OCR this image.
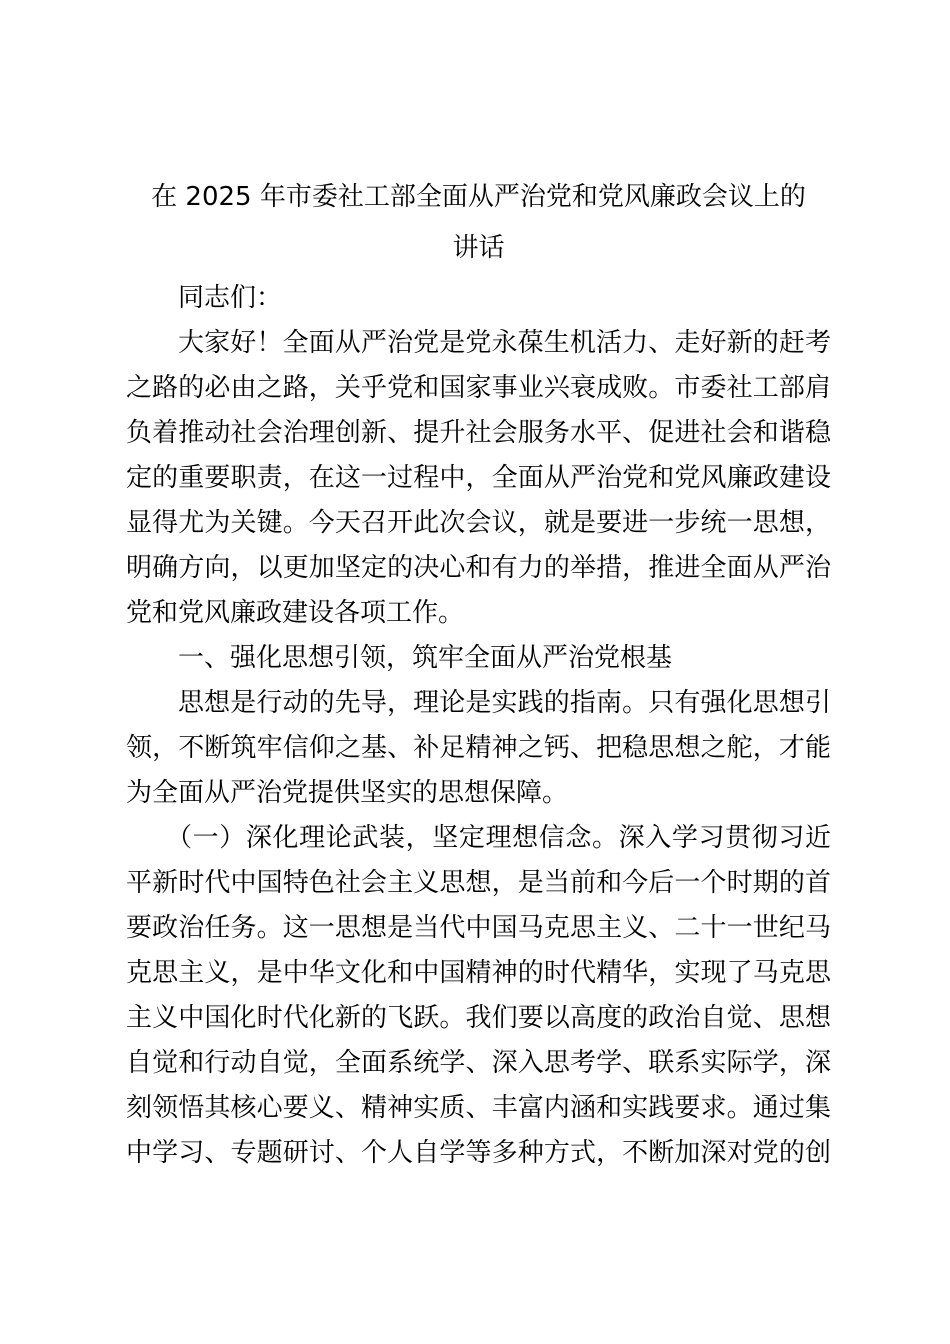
在 2025 年市委社工部全面从严治党和党风廉政会议上的
讲话
同志们：
大家好！全面从严治党是党永葆生机活力、走好新的赶考
之路的必由之路，关乎党和国家事业兴衰成败。市委社工部肩
负着推动社会治理创新、提升社会服务水平、促进社会和谐稳
定的重要职责，在这一过程中，全面从严治党和党风廉政建设
显得尤为关键。今天召开此次会议，就是要进一步统一思想，
明确方向，以更加坚定的决心和有力的举措，推进全面从严治
党和党风廉政建设各项工作。
一、强化思想引领，筑牢全面从严治党根基
思想是行动的先导，理论是实践的指南。只有强化思想引
领，不断筑牢信仰之基、补足精神之钙、把稳思想之舵，才能
为全面从严治党提供坚实的思想保障。
（一）深化理论武装，坚定理想信念。深入学习贯彻习近
平新时代中国特色社会主义思想，是当前和今后一个时期的首
要政治任务。这一思想是当代中国马克思主义、二十一世纪马
克思主义，是中华文化和中国精神的时代精华，实现了马克思
主义中国化时代化新的飞跃。我们要以高度的政治自觉、思想
自觉和行动自觉，全面系统学、深入思考学、联系实际学，深
刻领悟其核心要义、精神实质、丰富内涵和实践要求。通过集
中学习、专题研讨、个人自学等多种方式，不断加深对党的创
